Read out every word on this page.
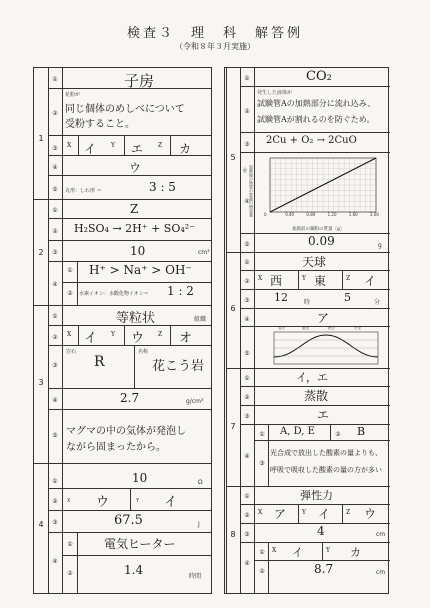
検査３　理　科　解答例
（令和８年３月実施）
1
①	子房
②
花粉が
同じ個体のめしべについて
受粉すること。
③	X イ Y エ Z カ
④	ウ
⑤	丸形：しわ形 ＝	3 : 5
2
①	Z
②	H₂SO₄ → 2H⁺ + SO₄²⁻
③	10	cm³
④
①	H⁺ > Na⁺ > OH⁻
②	水素イオン：水酸化物イオン＝ 1 : 2
3
①	等粒状	組織
②	X イ Y ウ Z オ
③
岩石	名称
R	花こう岩
④	2.7	g/cm³
⑤ マグマの中の気体が発泡し
ながら固まったから。
4
①	10	Ω
②	X ウ	Y イ
③	67.5	J
④
①	電気ヒーター
②	1.4	時間
5
①	CO₂
②
発生した液体が
試験管Aの加熱部分に流れ込み、
試験管Aが割れるのを防ぐため。
③	2Cu + O₂ → 2CuO
④ 加熱後の物質の質量の増加量（g）
加熱前の銅粉の質量〔g〕
⑤	0.09	g
6
①	天球
②	X 西	Y 東	Z イ
③	12	時	5	分
④	ア
⑤
春分	夏至	秋分	冬至
7
①	イ，エ
②	蒸散
③	エ
④
①	A, D, E	②	B
③
光合成で放出した酸素の量よりも、
呼吸で吸収した酸素の量の方が多い
8
①	弾性力
②	X ア	Y イ	Z ウ
③	4	cm
④
①	X イ	Y カ
②	8.7	cm
0	0.40	0.80	1.20	1.60	2.00
